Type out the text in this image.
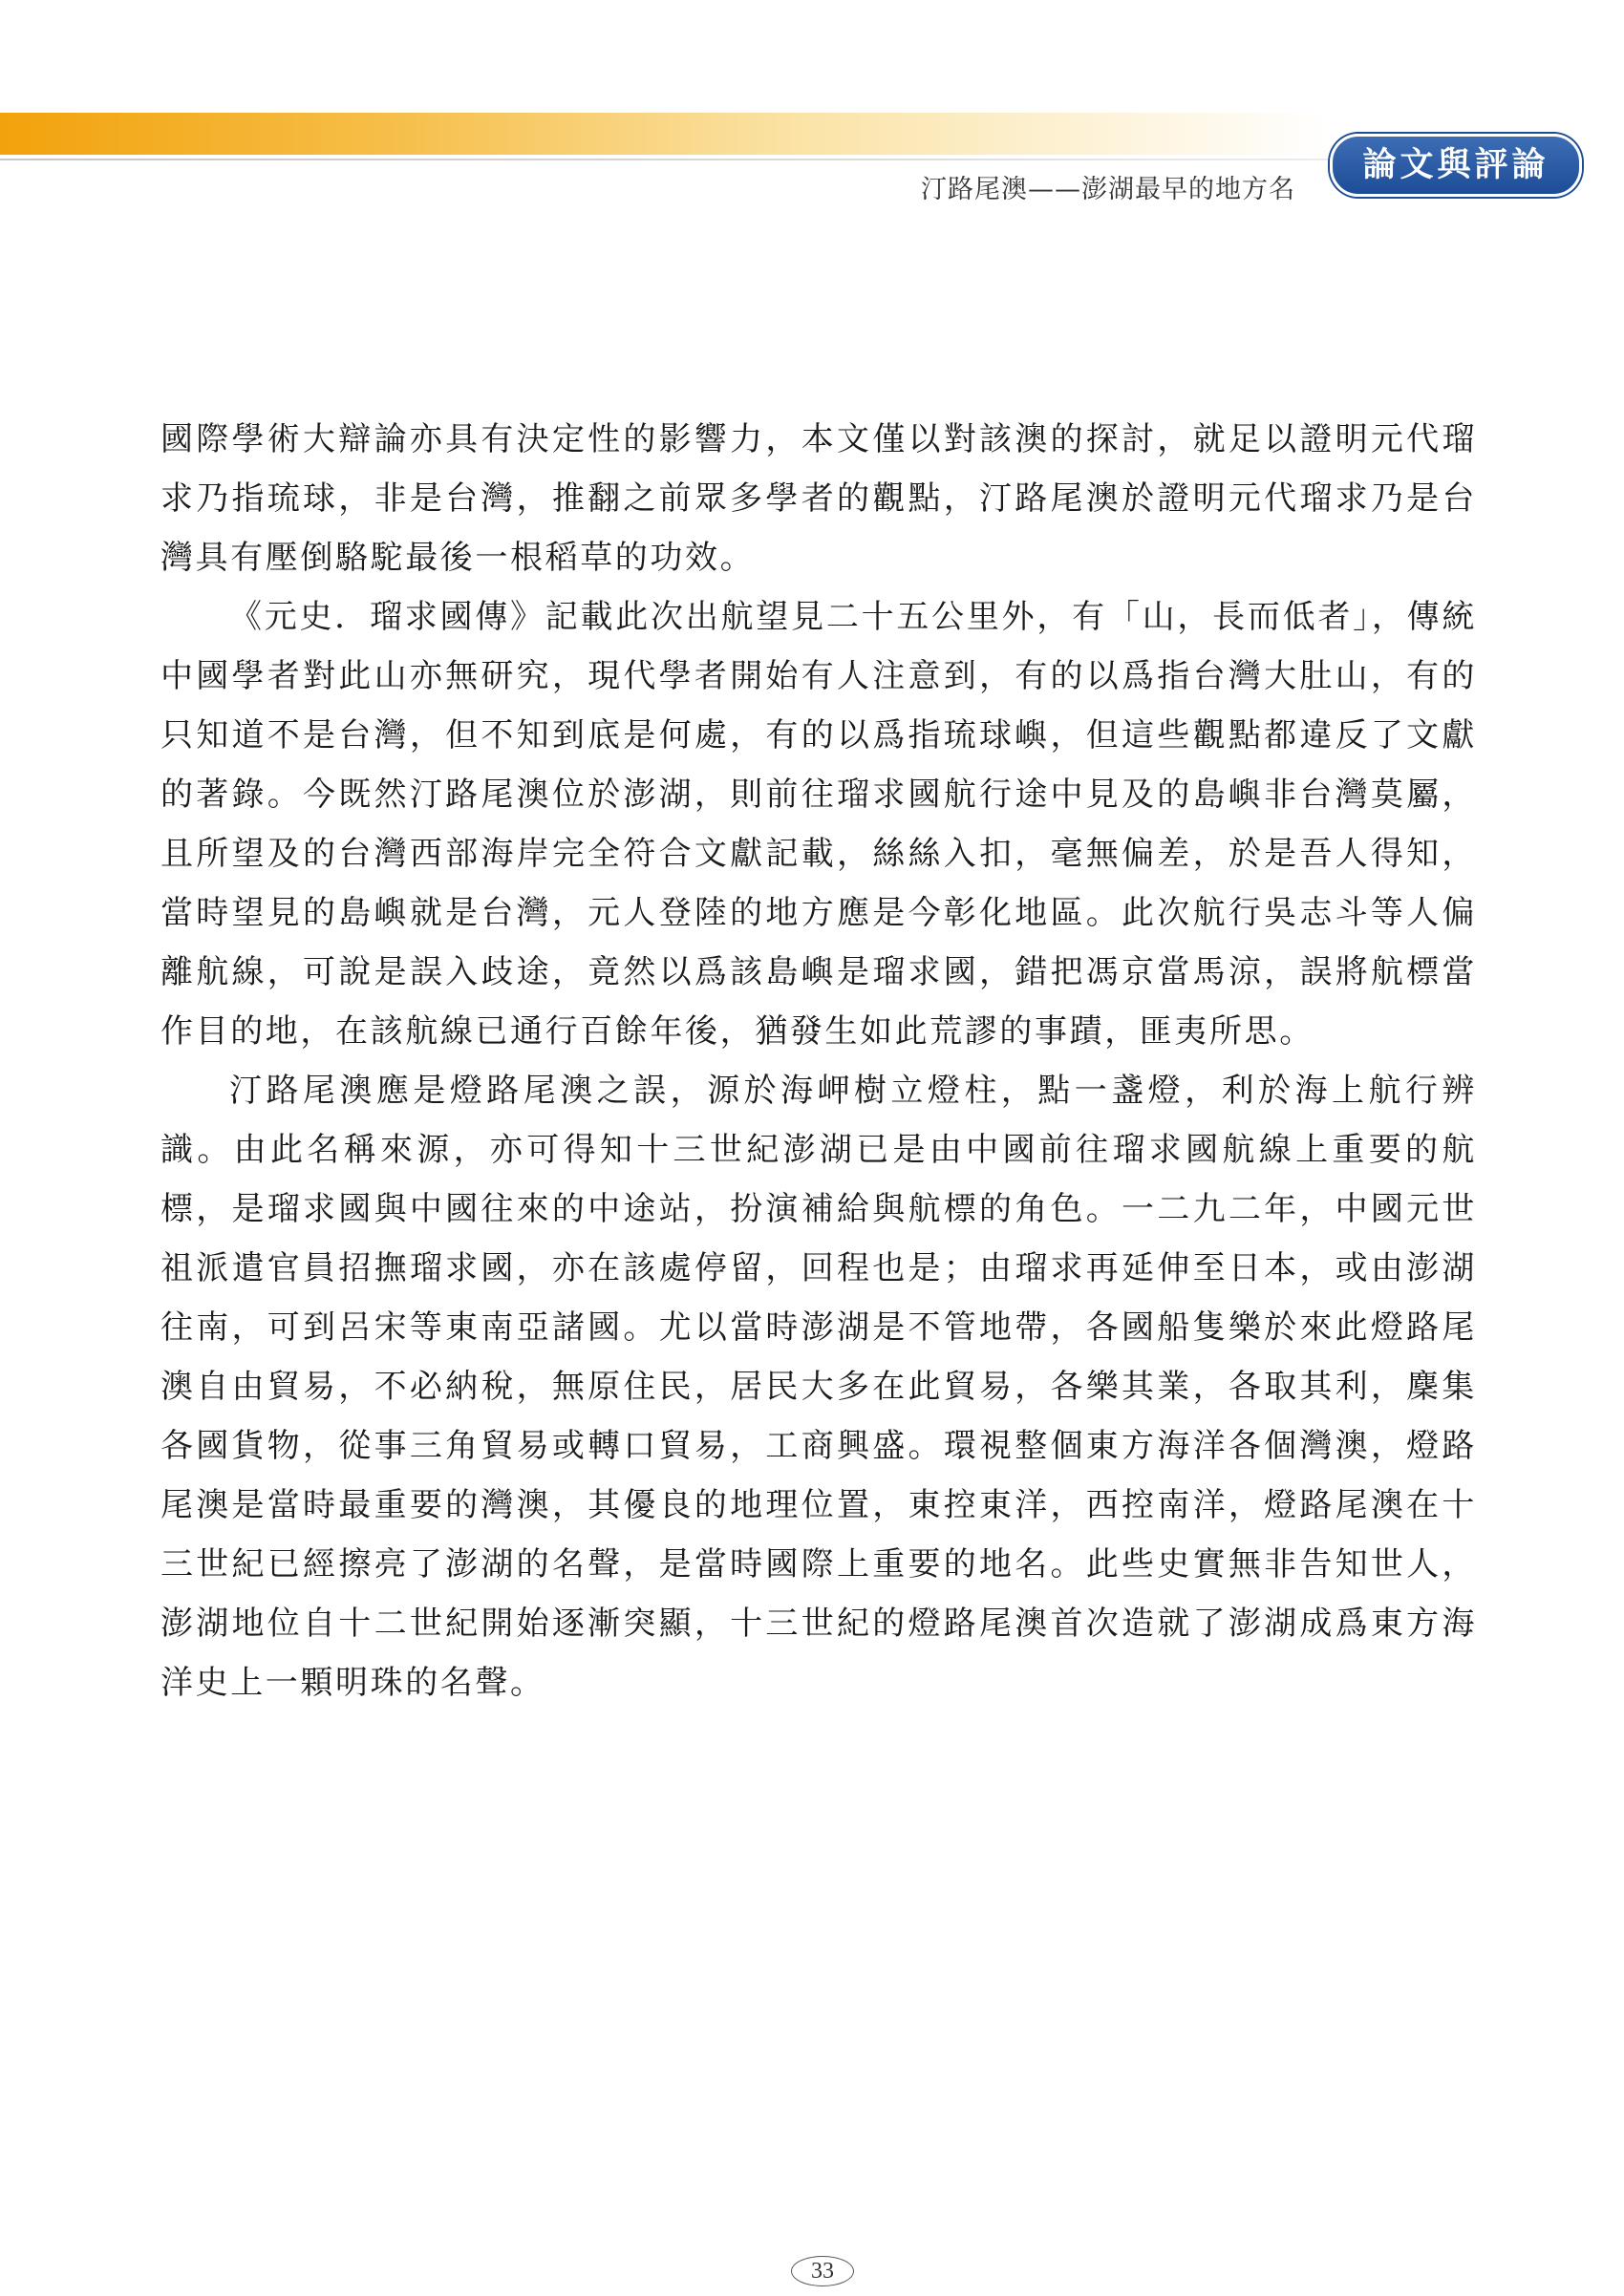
論文與評論
汀路尾澳——澎湖最早的地方名

國際學術大辯論亦具有決定性的影響力，本文僅以對該澳的探討，就足以證明元代瑠求乃指琉球，非是台灣，推翻之前眾多學者的觀點，汀路尾澳於證明元代瑠求乃是台灣具有壓倒駱駝最後一根稻草的功效。

《元史．瑠求國傳》記載此次出航望見二十五公里外，有「山，長而低者」，傳統中國學者對此山亦無研究，現代學者開始有人注意到，有的以爲指台灣大肚山，有的只知道不是台灣，但不知到底是何處，有的以爲指琉球嶼，但這些觀點都違反了文獻的著錄。今既然汀路尾澳位於澎湖，則前往瑠求國航行途中見及的島嶼非台灣莫屬，且所望及的台灣西部海岸完全符合文獻記載，絲絲入扣，毫無偏差，於是吾人得知，當時望見的島嶼就是台灣，元人登陸的地方應是今彰化地區。此次航行吳志斗等人偏離航線，可說是誤入歧途，竟然以爲該島嶼是瑠求國，錯把馮京當馬涼，誤將航標當作目的地，在該航線已通行百餘年後，猶發生如此荒謬的事蹟，匪夷所思。

汀路尾澳應是燈路尾澳之誤，源於海岬樹立燈柱，點一盞燈，利於海上航行辨識。由此名稱來源，亦可得知十三世紀澎湖已是由中國前往瑠求國航線上重要的航標，是瑠求國與中國往來的中途站，扮演補給與航標的角色。一二九二年，中國元世祖派遣官員招撫瑠求國，亦在該處停留，回程也是；由瑠求再延伸至日本，或由澎湖往南，可到呂宋等東南亞諸國。尤以當時澎湖是不管地帶，各國船隻樂於來此燈路尾澳自由貿易，不必納稅，無原住民，居民大多在此貿易，各樂其業，各取其利，麇集各國貨物，從事三角貿易或轉口貿易，工商興盛。環視整個東方海洋各個灣澳，燈路尾澳是當時最重要的灣澳，其優良的地理位置，東控東洋，西控南洋，燈路尾澳在十三世紀已經擦亮了澎湖的名聲，是當時國際上重要的地名。此些史實無非告知世人，澎湖地位自十二世紀開始逐漸突顯，十三世紀的燈路尾澳首次造就了澎湖成爲東方海洋史上一顆明珠的名聲。

33
